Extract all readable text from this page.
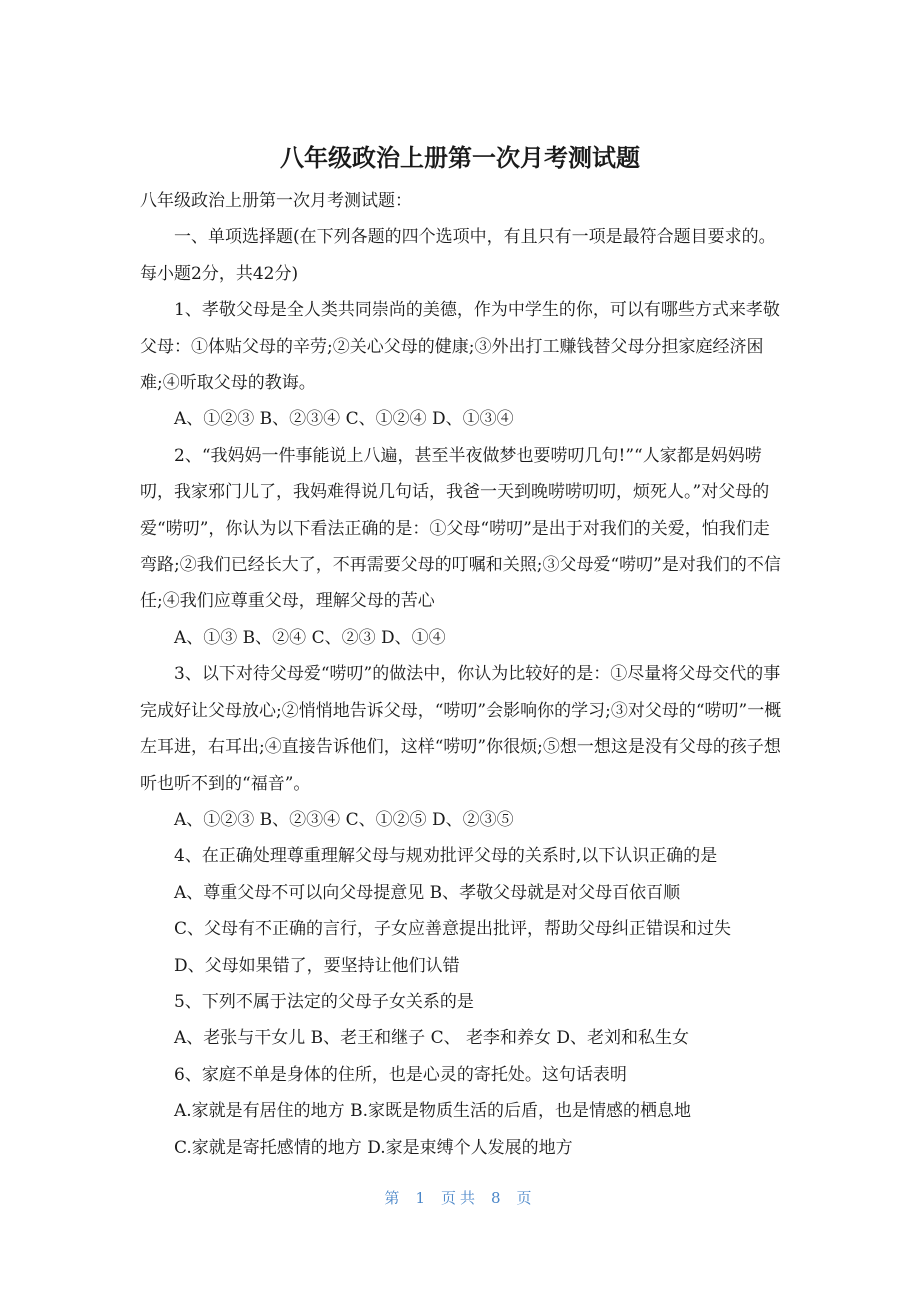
八年级政治上册第一次月考测试题

八年级政治上册第一次月考测试题：

一、单项选择题(在下列各题的四个选项中，有且只有一项是最符合题目要求的。每小题2分，共42分)

1、孝敬父母是全人类共同崇尚的美德，作为中学生的你，可以有哪些方式来孝敬父母：①体贴父母的辛劳;②关心父母的健康;③外出打工赚钱替父母分担家庭经济困难;④听取父母的教诲。

A、①②③ B、②③④ C、①②④ D、①③④

2、“我妈妈一件事能说上八遍，甚至半夜做梦也要唠叨几句!”“人家都是妈妈唠叨，我家邪门儿了，我妈难得说几句话，我爸一天到晚唠唠叨叨，烦死人。”对父母的爱“唠叨”，你认为以下看法正确的是：①父母“唠叨”是出于对我们的关爱，怕我们走弯路;②我们已经长大了，不再需要父母的叮嘱和关照;③父母爱“唠叨”是对我们的不信任;④我们应尊重父母，理解父母的苦心

A、①③ B、②④ C、②③ D、①④

3、以下对待父母爱“唠叨”的做法中，你认为比较好的是：①尽量将父母交代的事完成好让父母放心;②悄悄地告诉父母，“唠叨”会影响你的学习;③对父母的“唠叨”一概左耳进，右耳出;④直接告诉他们，这样“唠叨”你很烦;⑤想一想这是没有父母的孩子想听也听不到的“福音”。

A、①②③ B、②③④ C、①②⑤ D、②③⑤

4、在正确处理尊重理解父母与规劝批评父母的关系时,以下认识正确的是

A、尊重父母不可以向父母提意见 B、孝敬父母就是对父母百依百顺

C、父母有不正确的言行，子女应善意提出批评，帮助父母纠正错误和过失

D、父母如果错了，要坚持让他们认错

5、下列不属于法定的父母子女关系的是

A、老张与干女儿 B、老王和继子 C、 老李和养女 D、老刘和私生女

6、家庭不单是身体的住所，也是心灵的寄托处。这句话表明

A.家就是有居住的地方 B.家既是物质生活的后盾，也是情感的栖息地

C.家就是寄托感情的地方 D.家是束缚个人发展的地方

第 1 页共 8 页
